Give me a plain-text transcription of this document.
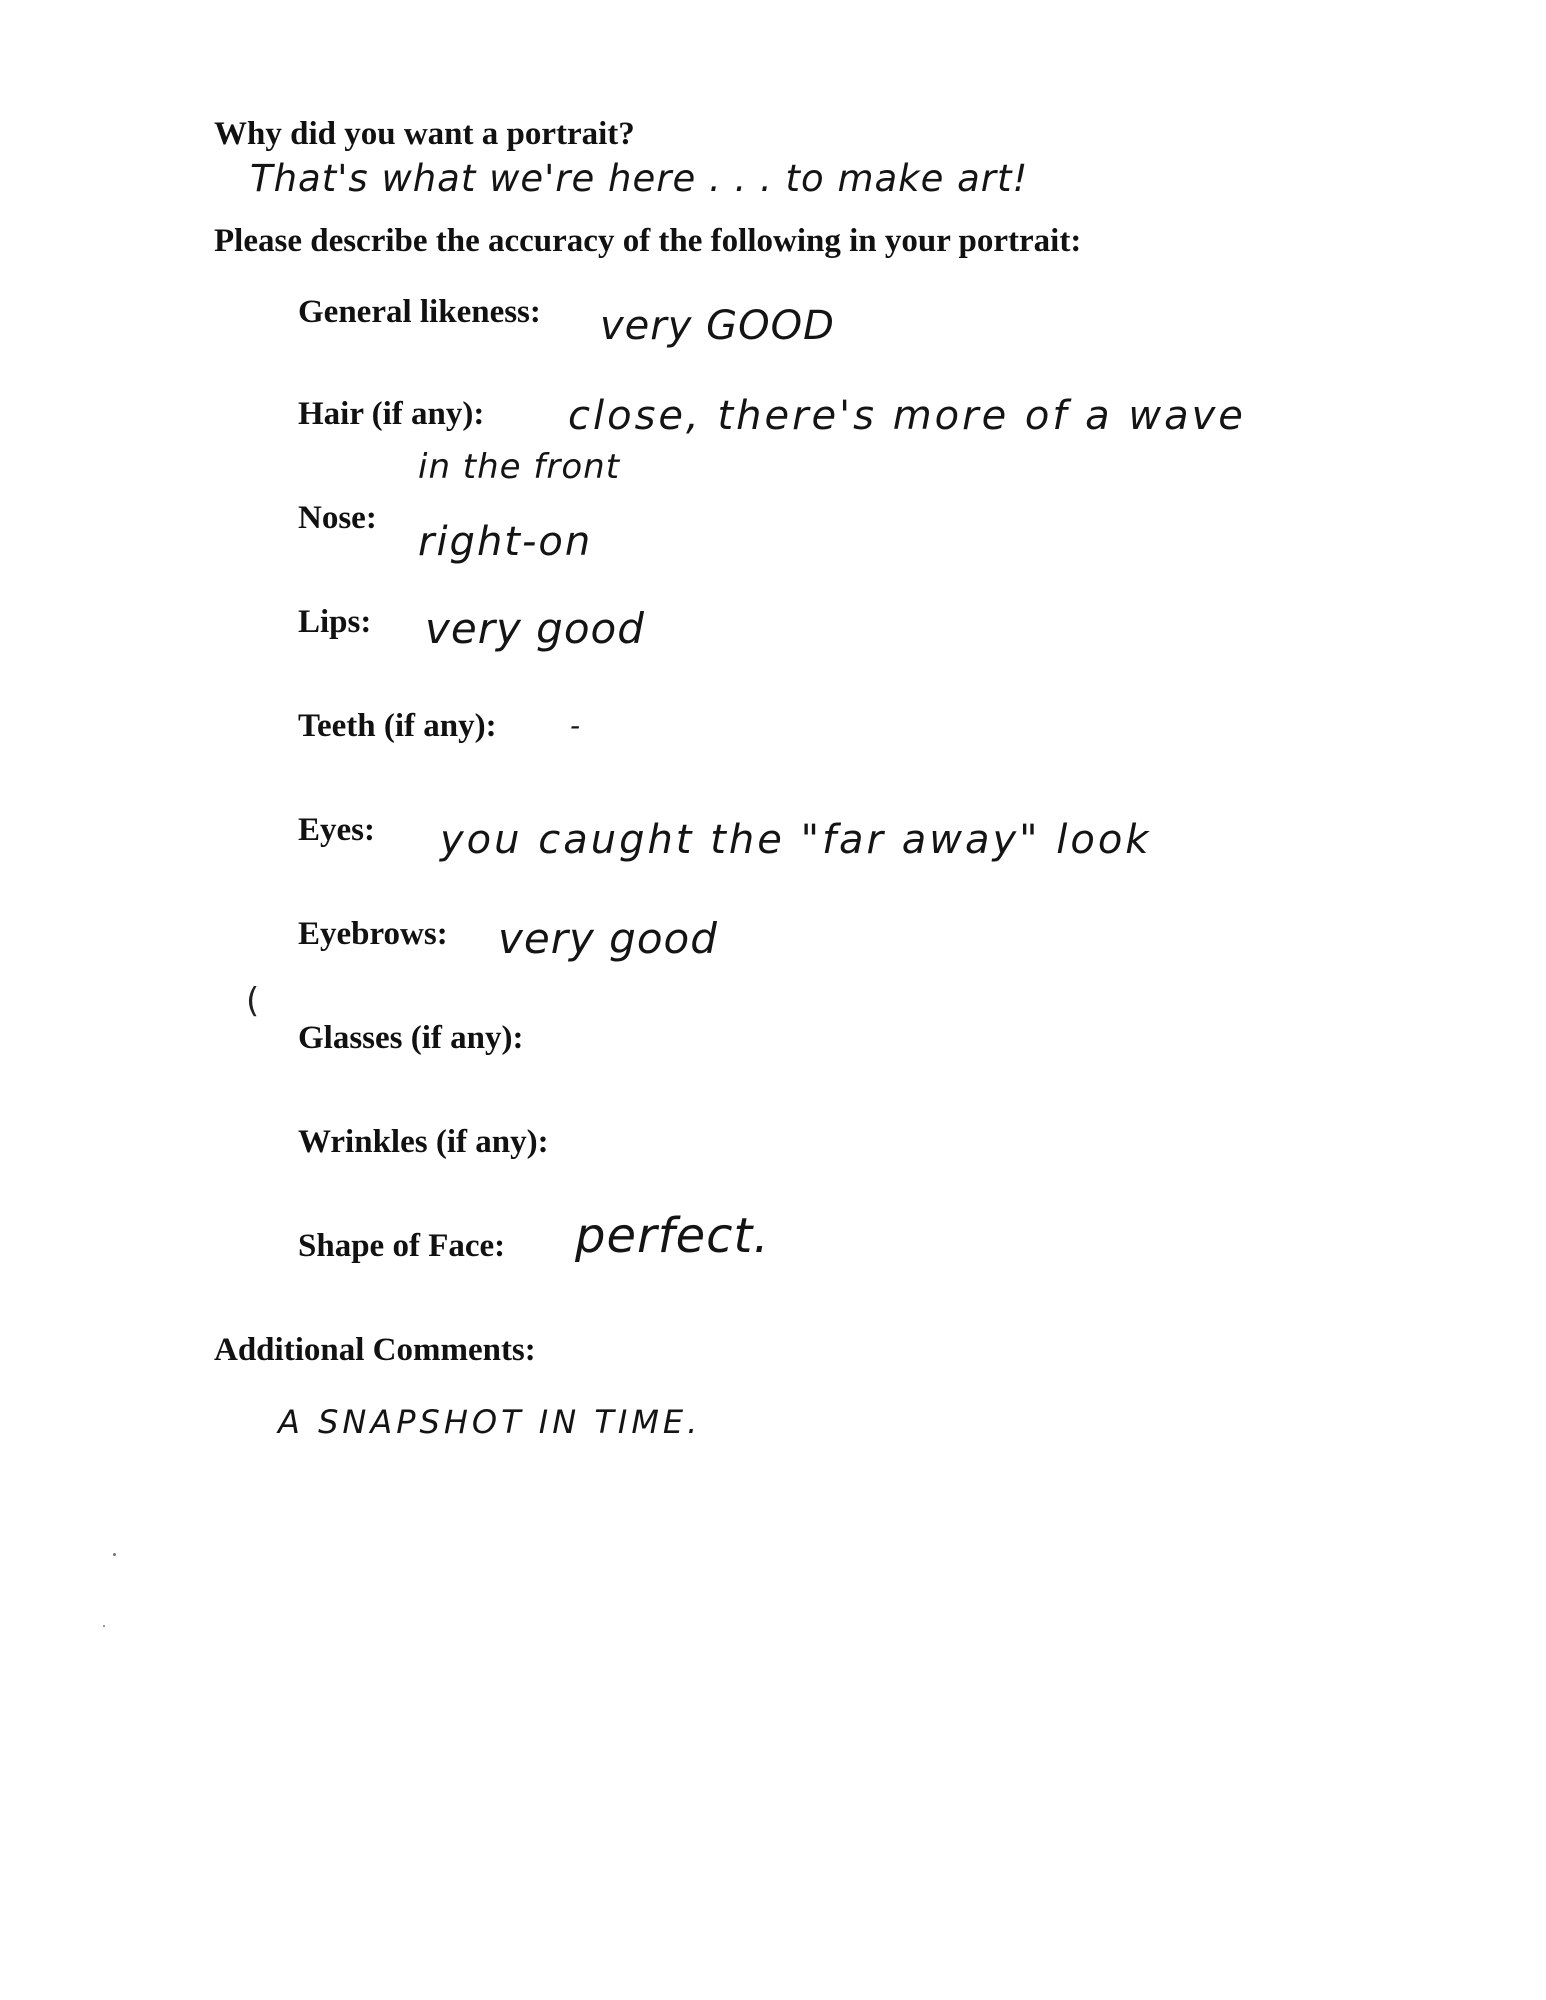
Why did you want a portrait?
That's what we're here . . . to make art!
Please describe the accuracy of the following in your portrait:
General likeness: very GOOD
Hair (if any): close, there's more of a wave
in the front
Nose:
right-on
Lips: very good
Teeth (if any):	-
Eyes: you caught the "far away" look
Eyebrows: very good
(
Glasses (if any):
Wrinkles (if any):
Shape of Face: perfect.
Additional Comments:
A SNAPSHOT IN TIME.
